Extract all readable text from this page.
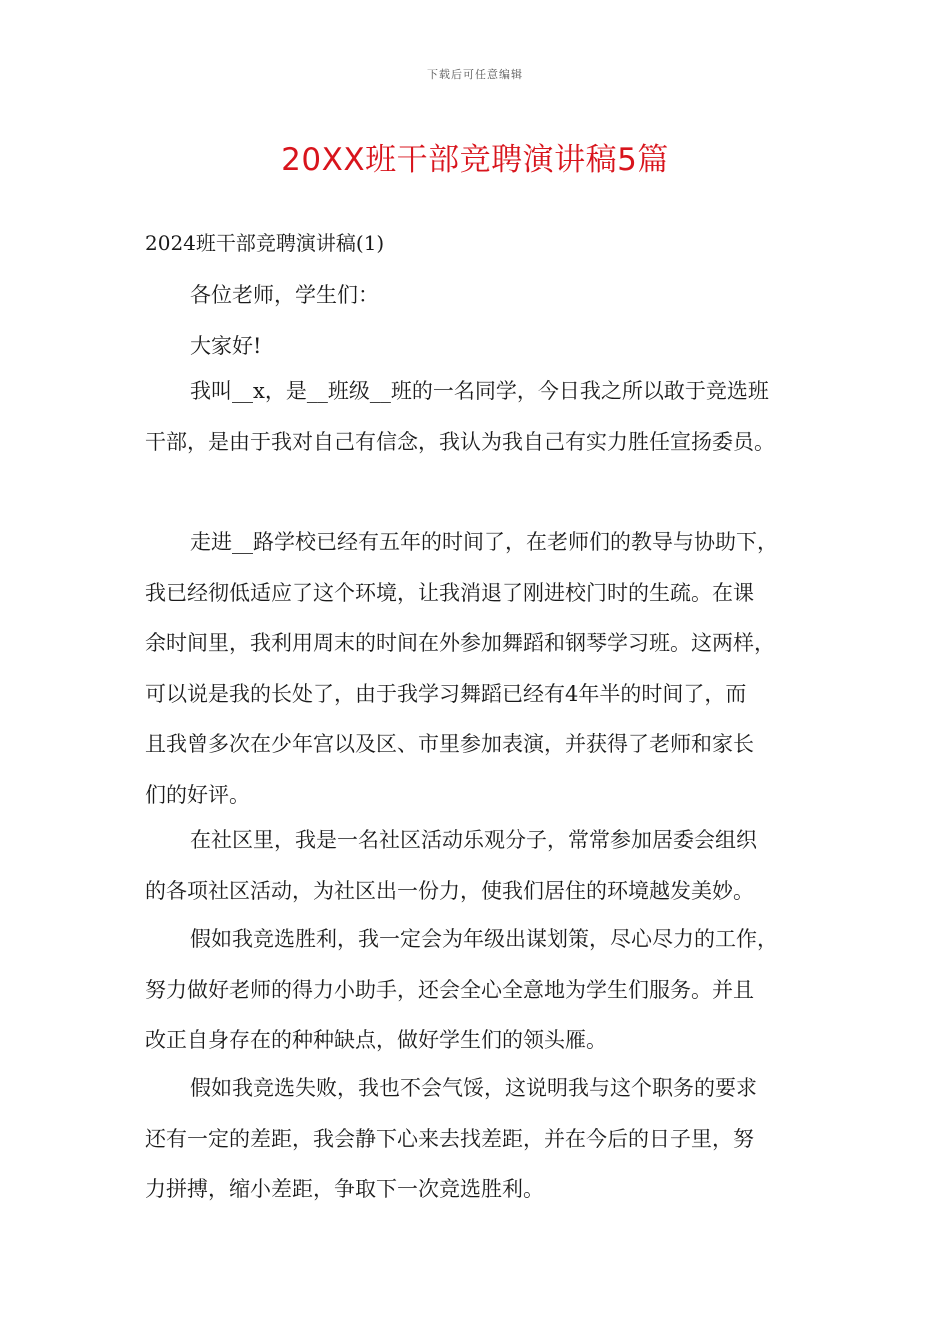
下载后可任意编辑
20XX班干部竞聘演讲稿5篇
2024班干部竞聘演讲稿(1)
各位老师，学生们：
大家好!
我叫__x，是__班级__班的一名同学，今日我之所以敢于竞选班
干部，是由于我对自己有信念，我认为我自己有实力胜任宣扬委员。
走进__路学校已经有五年的时间了，在老师们的教导与协助下，
我已经彻低适应了这个环境，让我消退了刚进校门时的生疏。在课
余时间里，我利用周末的时间在外参加舞蹈和钢琴学习班。这两样，
可以说是我的长处了，由于我学习舞蹈已经有4年半的时间了，而
且我曾多次在少年宫以及区、市里参加表演，并获得了老师和家长
们的好评。
在社区里，我是一名社区活动乐观分子，常常参加居委会组织
的各项社区活动，为社区出一份力，使我们居住的环境越发美妙。
假如我竞选胜利，我一定会为年级出谋划策，尽心尽力的工作，
努力做好老师的得力小助手，还会全心全意地为学生们服务。并且
改正自身存在的种种缺点，做好学生们的领头雁。
假如我竞选失败，我也不会气馁，这说明我与这个职务的要求
还有一定的差距，我会静下心来去找差距，并在今后的日子里，努
力拼搏，缩小差距，争取下一次竞选胜利。
